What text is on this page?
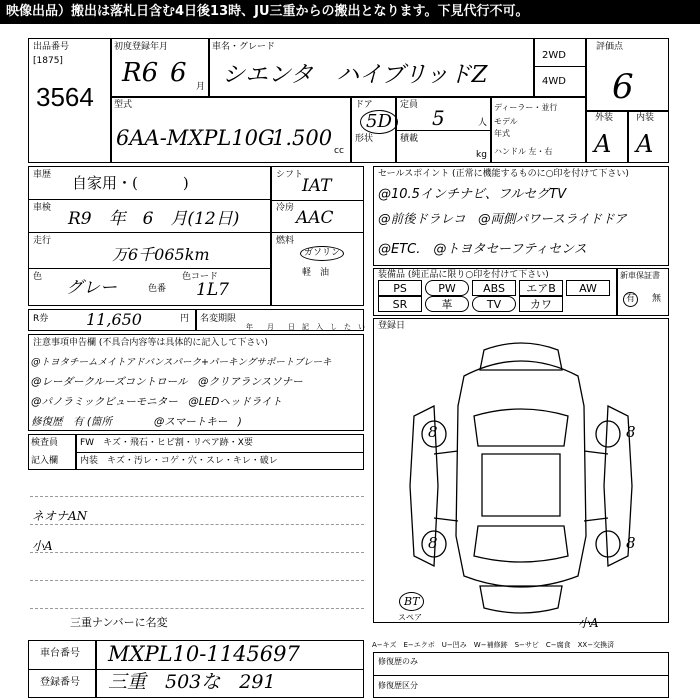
映像出品）搬出は落札日含む4日後13時、JU三重からの搬出となります。下見代行不可。
出品番号
[1875]
3564
初度登録年月
R6 6 月
車名・グレード
シエンタ　ハイブリッドZ
2WD
4WD
評価点
6
型式
6AA-MXPL10G
1.500
cc
ドア
5D
定員
5	人
積載
kg
形状
ディーラー・並行
モデル
年式
ハンドル 左・右
外装	内装
A A
車歴 自家用・(　　　)
車検
R9　年　6　月(12日)
走行
万6千065km
色
グレー	色番
色コード
1L7
シフト
IAT
冷房 AAC
燃料
ガソリン
軽　油
R券 11,650	円 名変期限
年　　月　　日　記　入　し　た　い
注意事項申告欄 (不具合内容等は具体的に記入して下さい)
@トヨタチームメイトアドバンスパーク+パーキングサポートブレーキ
@レーダークルーズコントロール　@クリアランスソナー
@パノラミックビューモニター　@LEDヘッドライト
修復歴　有 (箇所　　　　@スマートキー　)
検査員
記入欄
FW　キズ・飛石・ヒビ割・リペア跡・X要
内装　キズ・汚レ・コゲ・穴・スレ・キレ・破レ
ネオナAN
小A
三重ナンバーに名変
セールスポイント (正常に機能するものに○印を付けて下さい)
@10.5インチナビ、フルセグTV
@前後ドラレコ　@両側パワースライドドア
@ETC.　@トヨタセーフティセンス
装備品 (純正品に限り○印を付けて下さい)	新車保証書
有	無
PS	PW	ABS	エアB	AW
SR	革	TV	カワ
登録日
8	8
8	8
BT
スペア	小A
A−キズ　E−エクボ　U−凹み　W−補修跡　S−サビ　C−腐食　XX−交換済
車台番号 MXPL10-1145697
登録番号 三重　503な　291
修復歴のみ
修復歴区分
